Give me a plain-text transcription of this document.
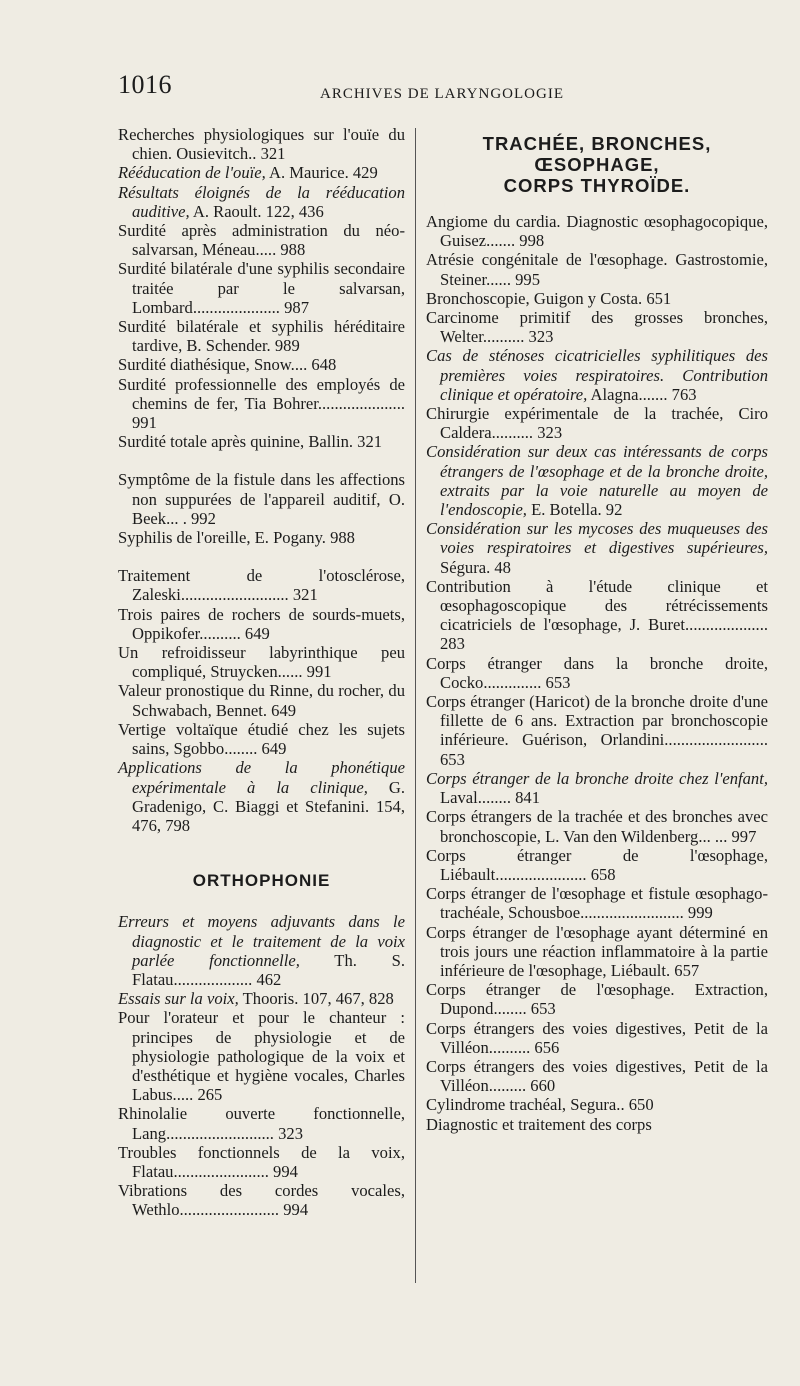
1016	ARCHIVES DE LARYNGOLOGIE

Recherches physiologiques sur l'ouïe du chien. Ousievitch.. 321

Rééducation de l'ouïe, A. Maurice. 429

Résultats éloignés de la rééducation auditive, A. Raoult. 122, 436

Surdité après administration du néo-salvarsan, Méneau..... 988

Surdité bilatérale d'une syphilis secondaire traitée par le salvarsan, Lombard..................... 987

Surdité bilatérale et syphilis héréditaire tardive, B. Schender. 989

Surdité diathésique, Snow.... 648

Surdité professionnelle des employés de chemins de fer, Tia Bohrer..................... 991

Surdité totale après quinine, Ballin. 321

Symptôme de la fistule dans les affections non suppurées de l'appareil auditif, O. Beek... . 992

Syphilis de l'oreille, E. Pogany. 988

Traitement de l'otosclérose, Zaleski.......................... 321

Trois paires de rochers de sourds-muets, Oppikofer.......... 649

Un refroidisseur labyrinthique peu compliqué, Struycken...... 991

Valeur pronostique du Rinne, du rocher, du Schwabach, Bennet. 649

Vertige voltaïque étudié chez les sujets sains, Sgobbo........ 649

Applications de la phonétique expérimentale à la clinique, G. Gradenigo, C. Biaggi et Stefanini. 154, 476, 798

ORTHOPHONIE

Erreurs et moyens adjuvants dans le diagnostic et le traitement de la voix parlée fonctionnelle, Th. S. Flatau................... 462

Essais sur la voix, Thooris. 107, 467, 828

Pour l'orateur et pour le chanteur : principes de physiologie et de physiologie pathologique de la voix et d'esthétique et hygiène vocales, Charles Labus..... 265

Rhinolalie ouverte fonctionnelle, Lang.......................... 323

Troubles fonctionnels de la voix, Flatau....................... 994

Vibrations des cordes vocales, Wethlo........................ 994

TRACHÉE, BRONCHES,
ŒSOPHAGE,
CORPS THYROÏDE.

Angiome du cardia. Diagnostic œsophagocopique, Guisez....... 998

Atrésie congénitale de l'œsophage. Gastrostomie, Steiner...... 995

Bronchoscopie, Guigon y Costa. 651

Carcinome primitif des grosses bronches, Welter.......... 323

Cas de sténoses cicatricielles syphilitiques des premières voies respiratoires. Contribution clinique et opératoire, Alagna....... 763

Chirurgie expérimentale de la trachée, Ciro Caldera.......... 323

Considération sur deux cas intéressants de corps étrangers de l'œsophage et de la bronche droite, extraits par la voie naturelle au moyen de l'endoscopie, E. Botella. 92

Considération sur les mycoses des muqueuses des voies respiratoires et digestives supérieures, Ségura. 48

Contribution à l'étude clinique et œsophagoscopique des rétrécissements cicatriciels de l'œsophage, J. Buret.................... 283

Corps étranger dans la bronche droite, Cocko.............. 653

Corps étranger (Haricot) de la bronche droite d'une fillette de 6 ans. Extraction par bronchoscopie inférieure. Guérison, Orlandini......................... 653

Corps étranger de la bronche droite chez l'enfant, Laval........ 841

Corps étrangers de la trachée et des bronches avec bronchoscopie, L. Van den Wildenberg... ... 997

Corps étranger de l'œsophage, Liébault...................... 658

Corps étranger de l'œsophage et fistule œsophago-trachéale, Schousboe......................... 999

Corps étranger de l'œsophage ayant déterminé en trois jours une réaction inflammatoire à la partie inférieure de l'œsophage, Liébault. 657

Corps étranger de l'œsophage. Extraction, Dupond........ 653

Corps étrangers des voies digestives, Petit de la Villéon.......... 656

Corps étrangers des voies digestives, Petit de la Villéon......... 660

Cylindrome trachéal, Segura.. 650

Diagnostic et traitement des corps
